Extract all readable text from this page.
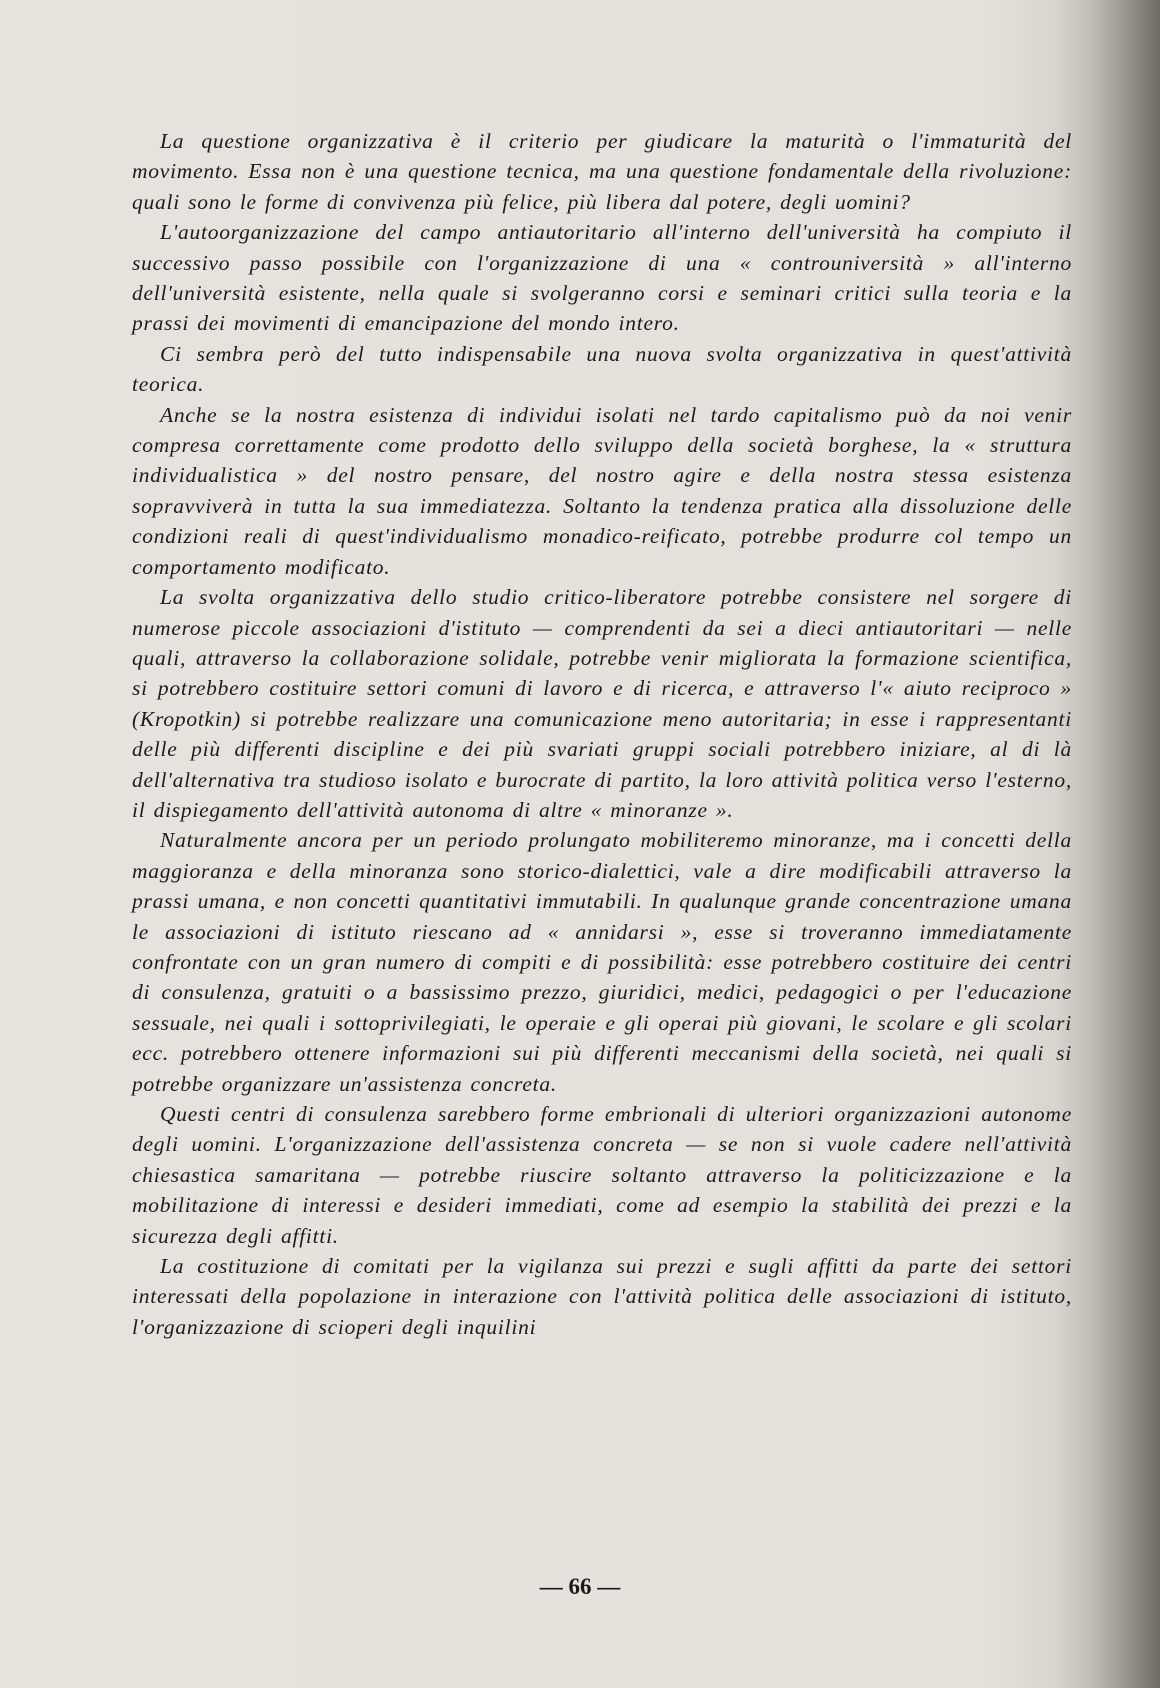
La questione organizzativa è il criterio per giudicare la maturità o l'immaturità del movimento. Essa non è una questione tecnica, ma una questione fondamentale della rivoluzione: quali sono le forme di convivenza più felice, più libera dal potere, degli uomini?

L'autoorganizzazione del campo antiautoritario all'interno dell'università ha compiuto il successivo passo possibile con l'organizzazione di una « controuniversità » all'interno dell'università esistente, nella quale si svolgeranno corsi e seminari critici sulla teoria e la prassi dei movimenti di emancipazione del mondo intero.

Ci sembra però del tutto indispensabile una nuova svolta organizzativa in quest'attività teorica.

Anche se la nostra esistenza di individui isolati nel tardo capitalismo può da noi venir compresa correttamente come prodotto dello sviluppo della società borghese, la « struttura individualistica » del nostro pensare, del nostro agire e della nostra stessa esistenza sopravviverà in tutta la sua immediatezza. Soltanto la tendenza pratica alla dissoluzione delle condizioni reali di quest'individualismo monadico-reificato, potrebbe produrre col tempo un comportamento modificato.

La svolta organizzativa dello studio critico-liberatore potrebbe consistere nel sorgere di numerose piccole associazioni d'istituto — comprendenti da sei a dieci antiautoritari — nelle quali, attraverso la collaborazione solidale, potrebbe venir migliorata la formazione scientifica, si potrebbero costituire settori comuni di lavoro e di ricerca, e attraverso l'« aiuto reciproco » (Kropotkin) si potrebbe realizzare una comunicazione meno autoritaria; in esse i rappresentanti delle più differenti discipline e dei più svariati gruppi sociali potrebbero iniziare, al di là dell'alternativa tra studioso isolato e burocrate di partito, la loro attività politica verso l'esterno, il dispiegamento dell'attività autonoma di altre « minoranze ».

Naturalmente ancora per un periodo prolungato mobiliteremo minoranze, ma i concetti della maggioranza e della minoranza sono storico-dialettici, vale a dire modificabili attraverso la prassi umana, e non concetti quantitativi immutabili. In qualunque grande concentrazione umana le associazioni di istituto riescano ad « annidarsi », esse si troveranno immediatamente confrontate con un gran numero di compiti e di possibilità: esse potrebbero costituire dei centri di consulenza, gratuiti o a bassissimo prezzo, giuridici, medici, pedagogici o per l'educazione sessuale, nei quali i sottoprivilegiati, le operaie e gli operai più giovani, le scolare e gli scolari ecc. potrebbero ottenere informazioni sui più differenti meccanismi della società, nei quali si potrebbe organizzare un'assistenza concreta.

Questi centri di consulenza sarebbero forme embrionali di ulteriori organizzazioni autonome degli uomini. L'organizzazione dell'assistenza concreta — se non si vuole cadere nell'attività chiesastica samaritana — potrebbe riuscire soltanto attraverso la politicizzazione e la mobilitazione di interessi e desideri immediati, come ad esempio la stabilità dei prezzi e la sicurezza degli affitti.

La costituzione di comitati per la vigilanza sui prezzi e sugli affitti da parte dei settori interessati della popolazione in interazione con l'attività politica delle associazioni di istituto, l'organizzazione di scioperi degli inquilini

— 66 —
